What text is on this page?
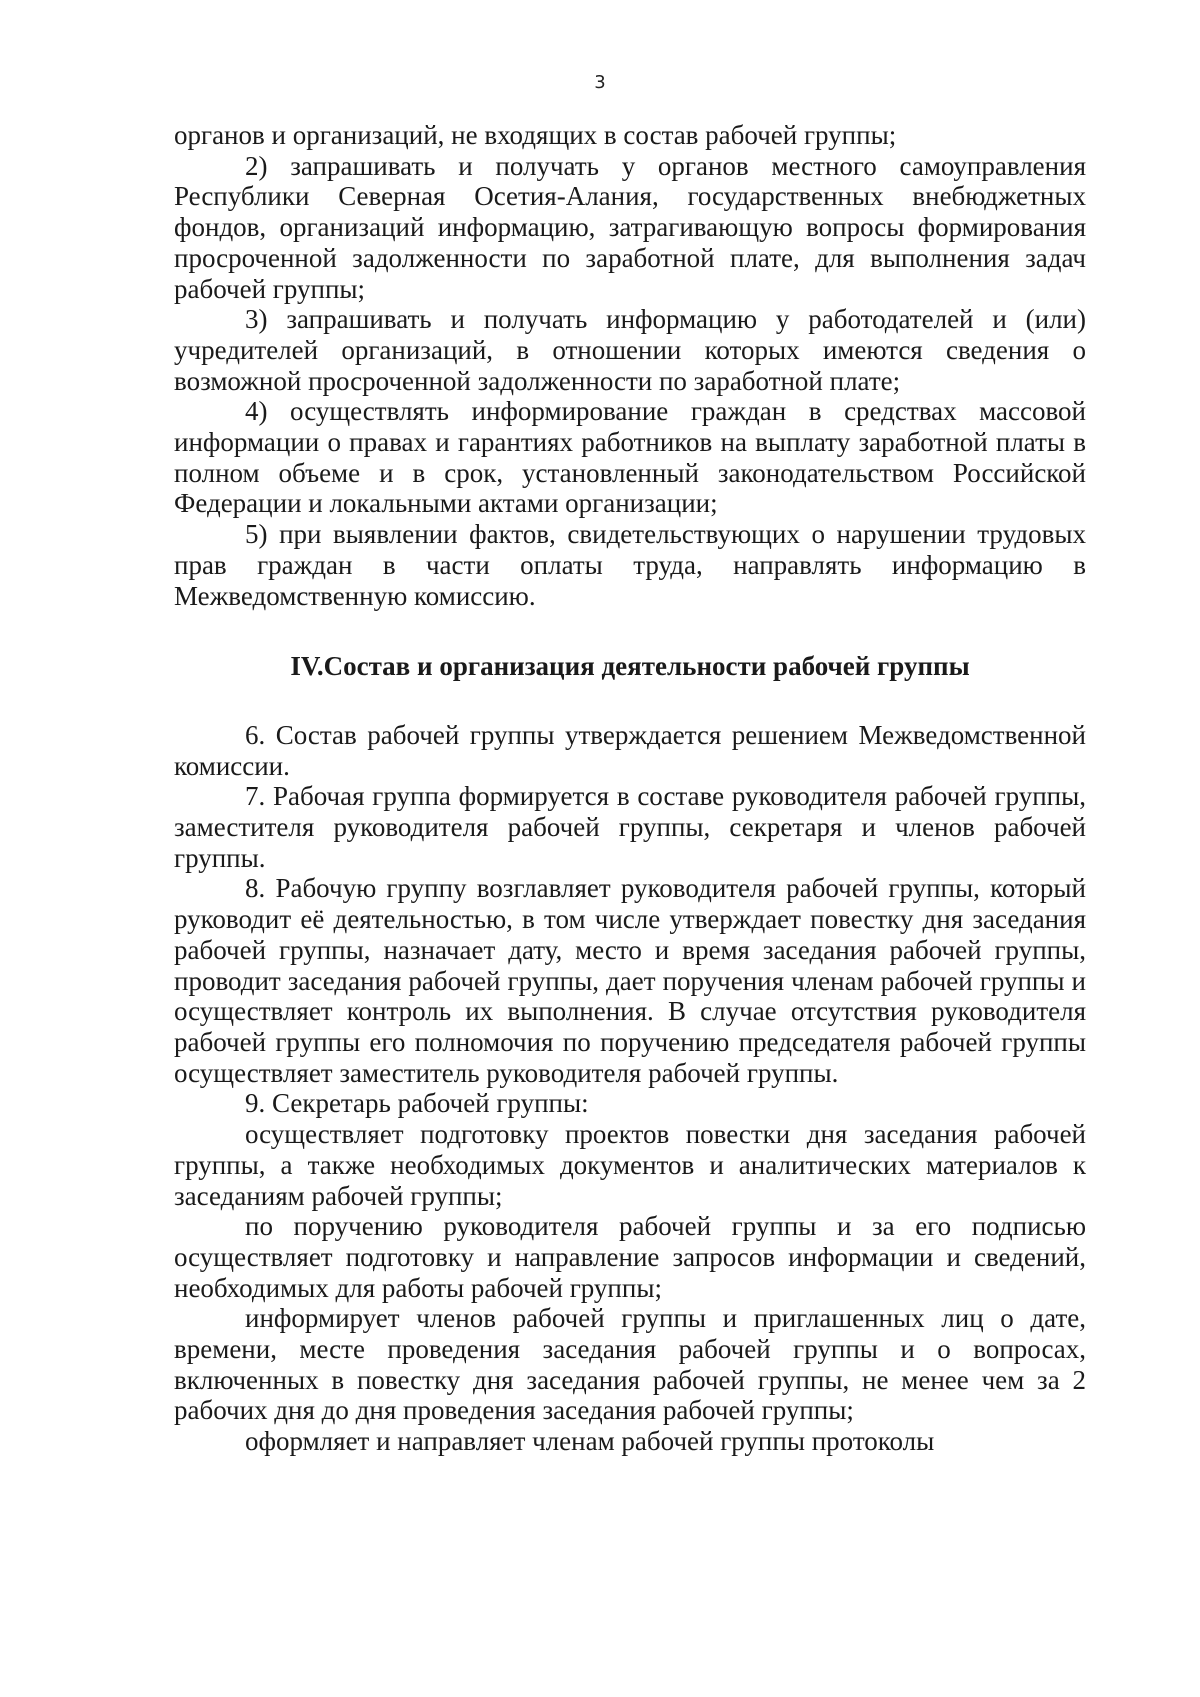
3

органов и организаций, не входящих в состав рабочей группы;

2) запрашивать и получать у органов местного самоуправления Республики Северная Осетия-Алания, государственных внебюджетных фондов, организаций информацию, затрагивающую вопросы формирования просроченной задолженности по заработной плате, для выполнения задач рабочей группы;

3) запрашивать и получать информацию у работодателей и (или) учредителей организаций, в отношении которых имеются сведения о возможной просроченной задолженности по заработной плате;

4) осуществлять информирование граждан в средствах массовой информации о правах и гарантиях работников на выплату заработной платы в полном объеме и в срок, установленный законодательством Российской Федерации и локальными актами организации;

5) при выявлении фактов, свидетельствующих о нарушении трудовых прав граждан в части оплаты труда, направлять информацию в Межведомственную комиссию.

IV.Состав и организация деятельности рабочей группы

6. Состав рабочей группы утверждается решением Межведомственной комиссии.

7. Рабочая группа формируется в составе руководителя рабочей группы, заместителя руководителя рабочей группы, секретаря и членов рабочей группы.

8. Рабочую группу возглавляет руководителя рабочей группы, который руководит её деятельностью, в том числе утверждает повестку дня заседания рабочей группы, назначает дату, место и время заседания рабочей группы, проводит заседания рабочей группы, дает поручения членам рабочей группы и осуществляет контроль их выполнения. В случае отсутствия руководителя рабочей группы его полномочия по поручению председателя рабочей группы осуществляет заместитель руководителя рабочей группы.

9. Секретарь рабочей группы:

осуществляет подготовку проектов повестки дня заседания рабочей группы, а также необходимых документов и аналитических материалов к заседаниям рабочей группы;

по поручению руководителя рабочей группы и за его подписью осуществляет подготовку и направление запросов информации и сведений, необходимых для работы рабочей группы;

информирует членов рабочей группы и приглашенных лиц о дате, времени, месте проведения заседания рабочей группы и о вопросах, включенных в повестку дня заседания рабочей группы, не менее чем за 2 рабочих дня до дня проведения заседания рабочей группы;

оформляет и направляет членам рабочей группы протоколы
